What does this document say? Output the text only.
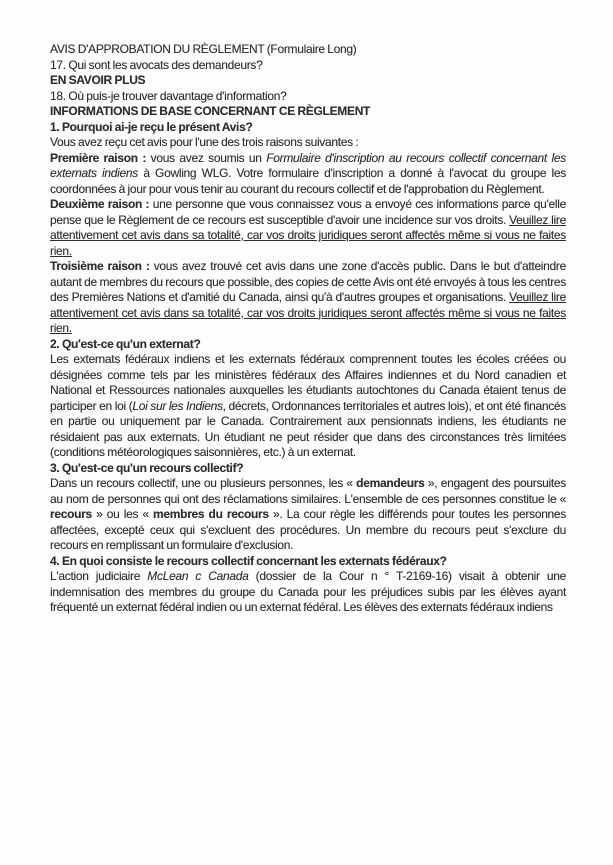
AVIS D'APPROBATION DU RÈGLEMENT (Formulaire Long)

17. Qui sont les avocats des demandeurs?

EN SAVOIR PLUS

18. Où puis-je trouver davantage d'information?

INFORMATIONS DE BASE CONCERNANT CE RÈGLEMENT

1. Pourquoi ai-je reçu le présent Avis?

Vous avez reçu cet avis pour l'une des trois raisons suivantes :

Première raison : vous avez soumis un Formulaire d'inscription au recours collectif concernant les externats indiens à Gowling WLG. Votre formulaire d'inscription a donné à l'avocat du groupe les coordonnées à jour pour vous tenir au courant du recours collectif et de l'approbation du Règlement.
Deuxième raison : une personne que vous connaissez vous a envoyé ces informations parce qu'elle pense que le Règlement de ce recours est susceptible d'avoir une incidence sur vos droits. Veuillez lire attentivement cet avis dans sa totalité, car vos droits juridiques seront affectés même si vous ne faites rien.
Troisième raison : vous avez trouvé cet avis dans une zone d'accès public. Dans le but d'atteindre autant de membres du recours que possible, des copies de cette Avis ont été envoyés à tous les centres des Premières Nations et d'amitié du Canada, ainsi qu'à d'autres groupes et organisations. Veuillez lire attentivement cet avis dans sa totalité, car vos droits juridiques seront affectés même si vous ne faites rien.

2. Qu'est-ce qu'un externat?

Les externats fédéraux indiens et les externats fédéraux comprennent toutes les écoles créées ou désignées comme tels par les ministères fédéraux des Affaires indiennes et du Nord canadien et National et Ressources nationales auxquelles les étudiants autochtones du Canada étaient tenus de participer en loi (Loi sur les Indiens, décrets, Ordonnances territoriales et autres lois), et ont été financés en partie ou uniquement par le Canada. Contrairement aux pensionnats indiens, les étudiants ne résidaient pas aux externats. Un étudiant ne peut résider que dans des circonstances très limitées (conditions météorologiques saisonnières, etc.) à un externat.

3. Qu'est-ce qu'un recours collectif?

Dans un recours collectif, une ou plusieurs personnes, les « demandeurs », engagent des poursuites au nom de personnes qui ont des réclamations similaires. L'ensemble de ces personnes constitue le « recours » ou les « membres du recours ». La cour règle les différends pour toutes les personnes affectées, excepté ceux qui s'excluent des procédures. Un membre du recours peut s'exclure du recours en remplissant un formulaire d'exclusion.

4. En quoi consiste le recours collectif concernant les externats fédéraux?

L'action judiciaire McLean c Canada (dossier de la Cour n ° T-2169-16) visait à obtenir une indemnisation des membres du groupe du Canada pour les préjudices subis par les élèves ayant fréquenté un externat fédéral indien ou un externat fédéral. Les élèves des externats fédéraux indiens
